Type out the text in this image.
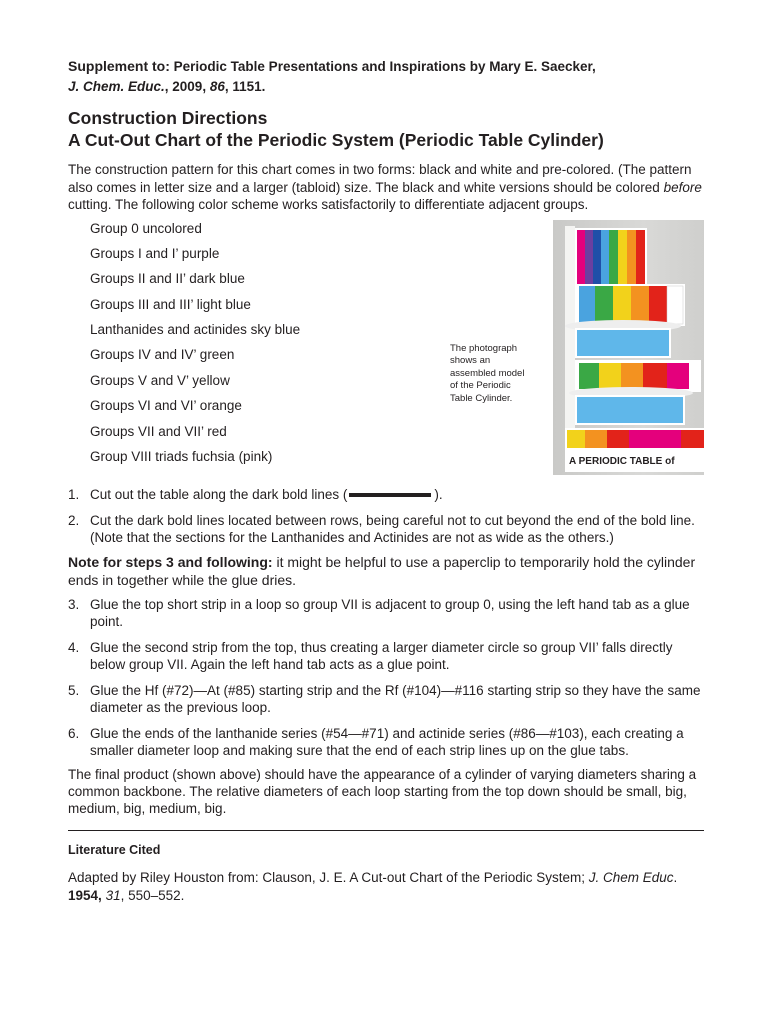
Supplement to: Periodic Table Presentations and Inspirations by Mary E. Saecker,
J. Chem. Educ., 2009, 86, 1151.

Construction Directions
A Cut-Out Chart of the Periodic System (Periodic Table Cylinder)

The construction pattern for this chart comes in two forms: black and white and pre-colored. (The pattern also comes in letter size and a larger (tabloid) size. The black and white versions should be colored before cutting. The following color scheme works satisfactorily to differentiate adjacent groups.

Group 0 uncolored
Groups I and I’ purple
Groups II and II’ dark blue
Groups III and III’ light blue
Lanthanides and actinides sky blue
Groups IV and IV’ green
Groups V and V’ yellow
Groups VI and VI’ orange
Groups VII and VII’ red
Group VIII triads fuchsia (pink)
The photograph shows an assembled model of the Periodic Table Cylinder.
A PERIODIC TABLE of
1. Cut out the table along the dark bold lines (	).
2. Cut the dark bold lines located between rows, being careful not to cut beyond the end of the bold line. (Note that the sections for the Lanthanides and Actinides are not as wide as the others.)

Note for steps 3 and following: it might be helpful to use a paperclip to temporarily hold the cylinder ends in together while the glue dries.

3. Glue the top short strip in a loop so group VII is adjacent to group 0, using the left hand tab as a glue point.
4. Glue the second strip from the top, thus creating a larger diameter circle so group VII’ falls directly below group VII. Again the left hand tab acts as a glue point.
5. Glue the Hf (#72)—At (#85) starting strip and the Rf (#104)—#116 starting strip so they have the same diameter as the previous loop.
6. Glue the ends of the lanthanide series (#54—#71) and actinide series (#86—#103), each creating a smaller diameter loop and making sure that the end of each strip lines up on the glue tabs.

The final product (shown above) should have the appearance of a cylinder of varying diameters sharing a common backbone. The relative diameters of each loop starting from the top down should be small, big, medium, big, medium, big.

Literature Cited

Adapted by Riley Houston from: Clauson, J. E. A Cut-out Chart of the Periodic System; J. Chem Educ.
1954, 31, 550–552.
